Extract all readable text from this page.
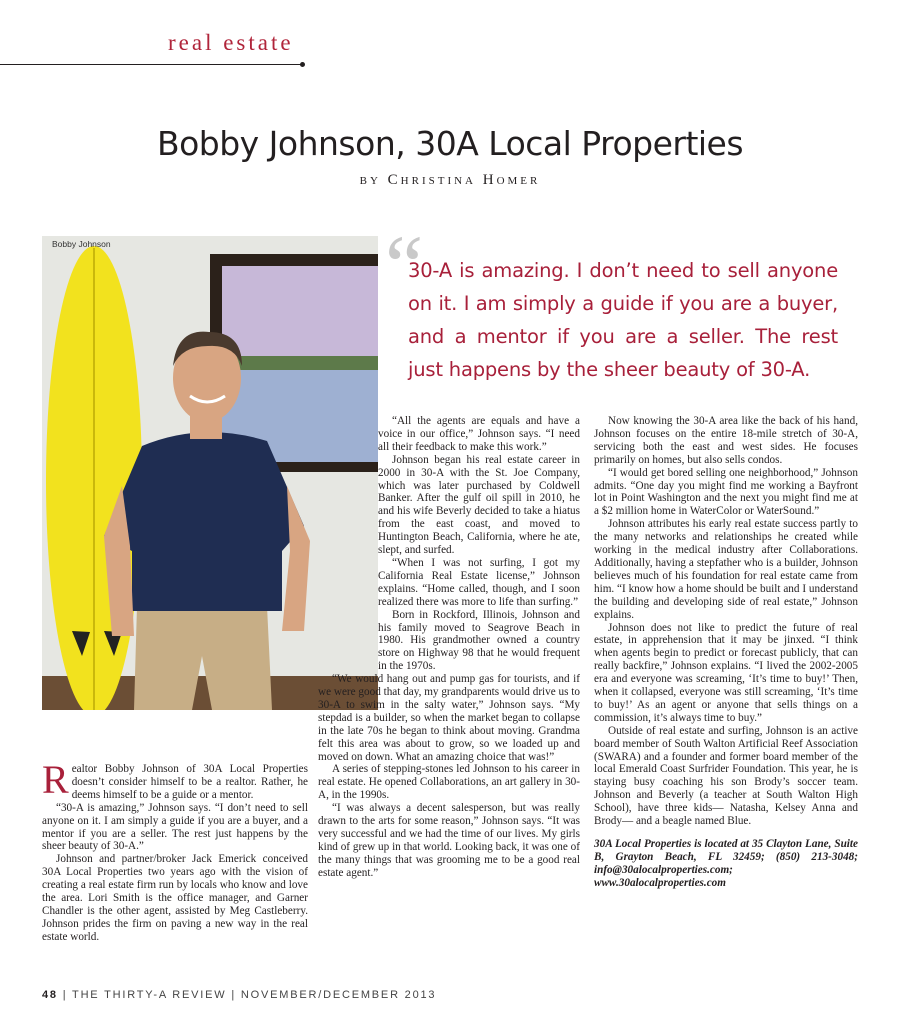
real estate
Bobby Johnson, 30A Local Properties
by Christina Homer
Bobby Johnson	“
30-A is amazing. I don’t need to sell anyone on it. I am simply a guide if you are a buyer, and a mentor if you are a seller. The rest just happens by the sheer beauty of 30-A.

Realtor Bobby Johnson of 30A Local Properties doesn’t consider himself to be a realtor. Rather, he deems himself to be a guide or a mentor.

“30-A is amazing,” Johnson says. “I don’t need to sell anyone on it. I am simply a guide if you are a buyer, and a mentor if you are a seller. The rest just happens by the sheer beauty of 30-A.”

Johnson and partner/broker Jack Emerick conceived 30A Local Properties two years ago with the vision of creating a real estate firm run by locals who know and love the area. Lori Smith is the office manager, and Garner Chandler is the other agent, assisted by Meg Castleberry. Johnson prides the firm on paving a new way in the real estate world.

“All the agents are equals and have a voice in our office,” Johnson says. “I need all their feedback to make this work.”

Johnson began his real estate career in 2000 in 30-A with the St. Joe Company, which was later purchased by Coldwell Banker. After the gulf oil spill in 2010, he and his wife Beverly decided to take a hiatus from the east coast, and moved to Huntington Beach, California, where he ate, slept, and surfed.

“When I was not surfing, I got my California Real Estate license,” Johnson explains. “Home called, though, and I soon realized there was more to life than surfing.”

Born in Rockford, Illinois, Johnson and his family moved to Seagrove Beach in 1980. His grandmother owned a country store on Highway 98 that he would frequent in the 1970s.

“We would hang out and pump gas for tourists, and if we were good that day, my grandparents would drive us to 30-A to swim in the salty water,” Johnson says. “My stepdad is a builder, so when the market began to collapse in the late 70s he began to think about moving. Grandma felt this area was about to grow, so we loaded up and moved on down. What an amazing choice that was!”

A series of stepping-stones led Johnson to his career in real estate. He opened Collaborations, an art gallery in 30-A, in the 1990s.

“I was always a decent salesperson, but was really drawn to the arts for some reason,” Johnson says. “It was very successful and we had the time of our lives. My girls kind of grew up in that world. Looking back, it was one of the many things that was grooming me to be a good real estate agent.”

Now knowing the 30-A area like the back of his hand, Johnson focuses on the entire 18-mile stretch of 30-A, servicing both the east and west sides. He focuses primarily on homes, but also sells condos.

“I would get bored selling one neighborhood,” Johnson admits. “One day you might find me working a Bayfront lot in Point Washington and the next you might find me at a $2 million home in WaterColor or WaterSound.”

Johnson attributes his early real estate success partly to the many networks and relationships he created while working in the medical industry after Collaborations. Additionally, having a stepfather who is a builder, Johnson believes much of his foundation for real estate came from him. “I know how a home should be built and I understand the building and developing side of real estate,” Johnson explains.

Johnson does not like to predict the future of real estate, in apprehension that it may be jinxed. “I think when agents begin to predict or forecast publicly, that can really backfire,” Johnson explains. “I lived the 2002-2005 era and everyone was screaming, ‘It’s time to buy!’ Then, when it collapsed, everyone was still screaming, ‘It’s time to buy!’ As an agent or anyone that sells things on a commission, it’s always time to buy.”

Outside of real estate and surfing, Johnson is an active board member of South Walton Artificial Reef Association (SWARA) and a founder and former board member of the local Emerald Coast Surfrider Foundation. This year, he is staying busy coaching his son Brody’s soccer team. Johnson and Beverly (a teacher at South Walton High School), have three kids— Natasha, Kelsey Anna and Brody— and a beagle named Blue.

30A Local Properties is located at 35 Clayton Lane, Suite B, Grayton Beach, FL 32459; (850) 213-3048; info@30alocalproperties.com; www.30alocalproperties.com

48 | THE THIRTY-A REVIEW | NOVEMBER/DECEMBER 2013
